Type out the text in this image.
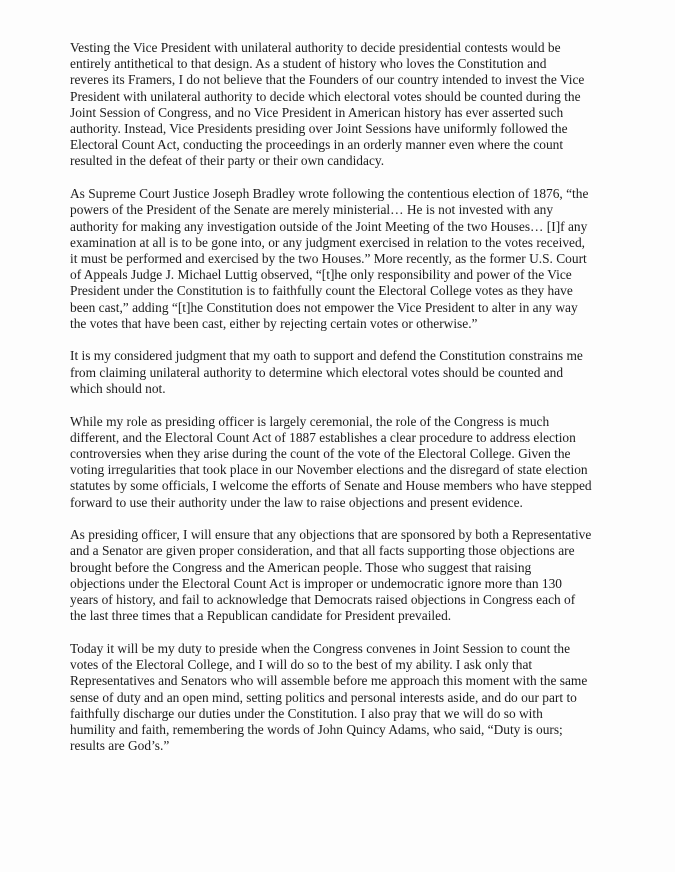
Vesting the Vice President with unilateral authority to decide presidential contests would be
entirely antithetical to that design. As a student of history who loves the Constitution and
reveres its Framers, I do not believe that the Founders of our country intended to invest the Vice
President with unilateral authority to decide which electoral votes should be counted during the
Joint Session of Congress, and no Vice President in American history has ever asserted such
authority. Instead, Vice Presidents presiding over Joint Sessions have uniformly followed the
Electoral Count Act, conducting the proceedings in an orderly manner even where the count
resulted in the defeat of their party or their own candidacy.

As Supreme Court Justice Joseph Bradley wrote following the contentious election of 1876, “the
powers of the President of the Senate are merely ministerial… He is not invested with any
authority for making any investigation outside of the Joint Meeting of the two Houses… [I]f any
examination at all is to be gone into, or any judgment exercised in relation to the votes received,
it must be performed and exercised by the two Houses.” More recently, as the former U.S. Court
of Appeals Judge J. Michael Luttig observed, “[t]he only responsibility and power of the Vice
President under the Constitution is to faithfully count the Electoral College votes as they have
been cast,” adding “[t]he Constitution does not empower the Vice President to alter in any way
the votes that have been cast, either by rejecting certain votes or otherwise.”

It is my considered judgment that my oath to support and defend the Constitution constrains me
from claiming unilateral authority to determine which electoral votes should be counted and
which should not.

While my role as presiding officer is largely ceremonial, the role of the Congress is much
different, and the Electoral Count Act of 1887 establishes a clear procedure to address election
controversies when they arise during the count of the vote of the Electoral College. Given the
voting irregularities that took place in our November elections and the disregard of state election
statutes by some officials, I welcome the efforts of Senate and House members who have stepped
forward to use their authority under the law to raise objections and present evidence.

As presiding officer, I will ensure that any objections that are sponsored by both a Representative
and a Senator are given proper consideration, and that all facts supporting those objections are
brought before the Congress and the American people. Those who suggest that raising
objections under the Electoral Count Act is improper or undemocratic ignore more than 130
years of history, and fail to acknowledge that Democrats raised objections in Congress each of
the last three times that a Republican candidate for President prevailed.

Today it will be my duty to preside when the Congress convenes in Joint Session to count the
votes of the Electoral College, and I will do so to the best of my ability. I ask only that
Representatives and Senators who will assemble before me approach this moment with the same
sense of duty and an open mind, setting politics and personal interests aside, and do our part to
faithfully discharge our duties under the Constitution. I also pray that we will do so with
humility and faith, remembering the words of John Quincy Adams, who said, “Duty is ours;
results are God’s.”
